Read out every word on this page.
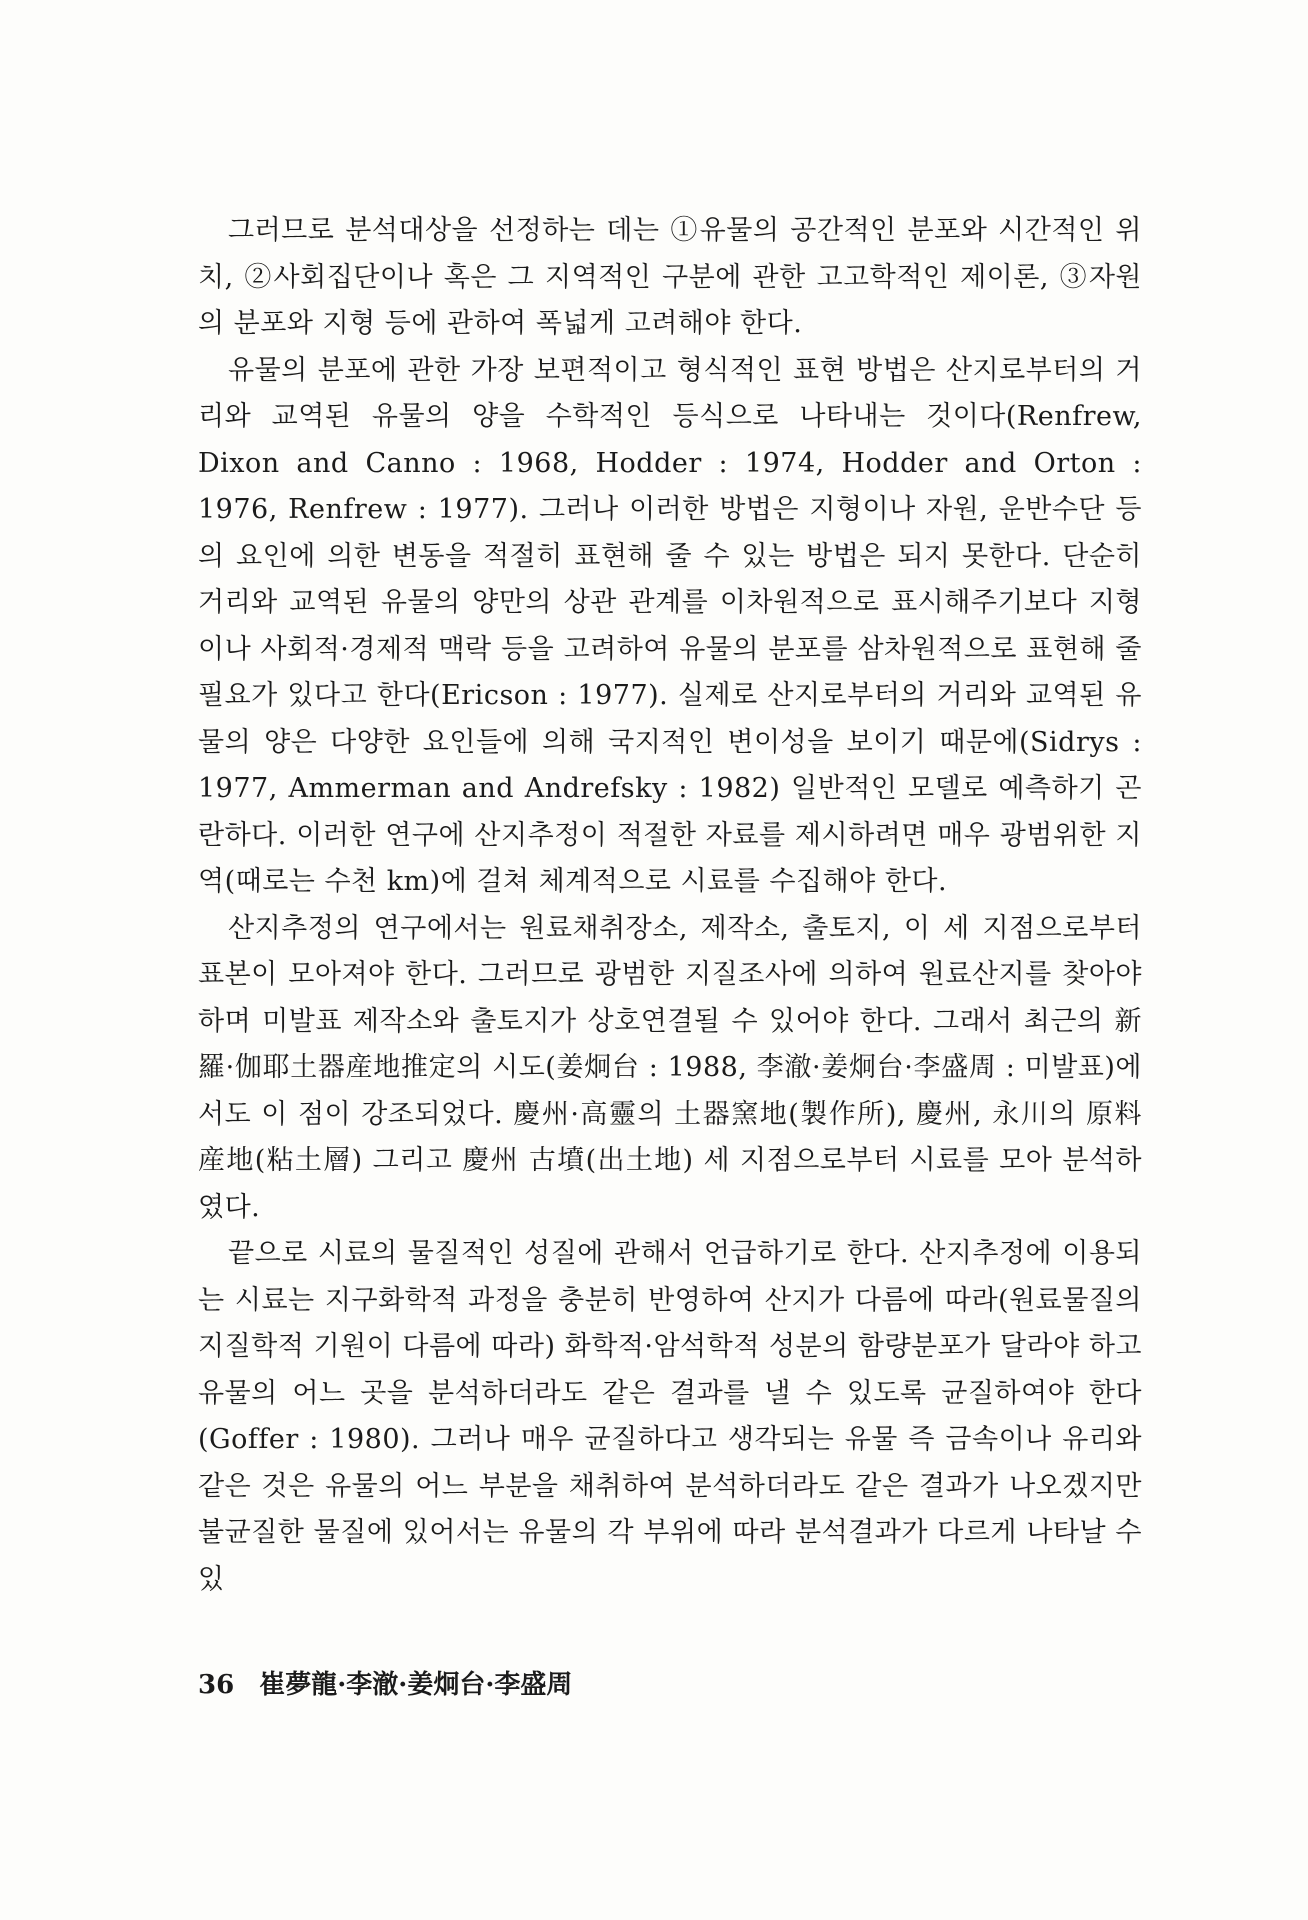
그러므로 분석대상을 선정하는 데는 ①유물의 공간적인 분포와 시간적인 위치, ②사회집단이나 혹은 그 지역적인 구분에 관한 고고학적인 제이론, ③자원의 분포와 지형 등에 관하여 폭넓게 고려해야 한다.

유물의 분포에 관한 가장 보편적이고 형식적인 표현 방법은 산지로부터의 거리와 교역된 유물의 양을 수학적인 등식으로 나타내는 것이다(Renfrew, Dixon and Canno : 1968, Hodder : 1974, Hodder and Orton : 1976, Renfrew : 1977). 그러나 이러한 방법은 지형이나 자원, 운반수단 등의 요인에 의한 변동을 적절히 표현해 줄 수 있는 방법은 되지 못한다. 단순히 거리와 교역된 유물의 양만의 상관 관계를 이차원적으로 표시해주기보다 지형이나 사회적·경제적 맥락 등을 고려하여 유물의 분포를 삼차원적으로 표현해 줄 필요가 있다고 한다(Ericson : 1977). 실제로 산지로부터의 거리와 교역된 유물의 양은 다양한 요인들에 의해 국지적인 변이성을 보이기 때문에(Sidrys : 1977, Ammerman and Andrefsky : 1982) 일반적인 모델로 예측하기 곤란하다. 이러한 연구에 산지추정이 적절한 자료를 제시하려면 매우 광범위한 지역(때로는 수천 km)에 걸쳐 체계적으로 시료를 수집해야 한다.

산지추정의 연구에서는 원료채취장소, 제작소, 출토지, 이 세 지점으로부터 표본이 모아져야 한다. 그러므로 광범한 지질조사에 의하여 원료산지를 찾아야 하며 미발표 제작소와 출토지가 상호연결될 수 있어야 한다. 그래서 최근의 新羅·伽耶土器産地推定의 시도(姜炯台 : 1988, 李澈·姜炯台·李盛周 : 미발표)에서도 이 점이 강조되었다. 慶州·高靈의 土器窯地(製作所), 慶州, 永川의 原料産地(粘土層) 그리고 慶州 古墳(出土地) 세 지점으로부터 시료를 모아 분석하였다.

끝으로 시료의 물질적인 성질에 관해서 언급하기로 한다. 산지추정에 이용되는 시료는 지구화학적 과정을 충분히 반영하여 산지가 다름에 따라(원료물질의 지질학적 기원이 다름에 따라) 화학적·암석학적 성분의 함량분포가 달라야 하고 유물의 어느 곳을 분석하더라도 같은 결과를 낼 수 있도록 균질하여야 한다(Goffer : 1980). 그러나 매우 균질하다고 생각되는 유물 즉 금속이나 유리와 같은 것은 유물의 어느 부분을 채취하여 분석하더라도 같은 결과가 나오겠지만 불균질한 물질에 있어서는 유물의 각 부위에 따라 분석결과가 다르게 나타날 수 있

36 崔夢龍·李澈·姜炯台·李盛周
